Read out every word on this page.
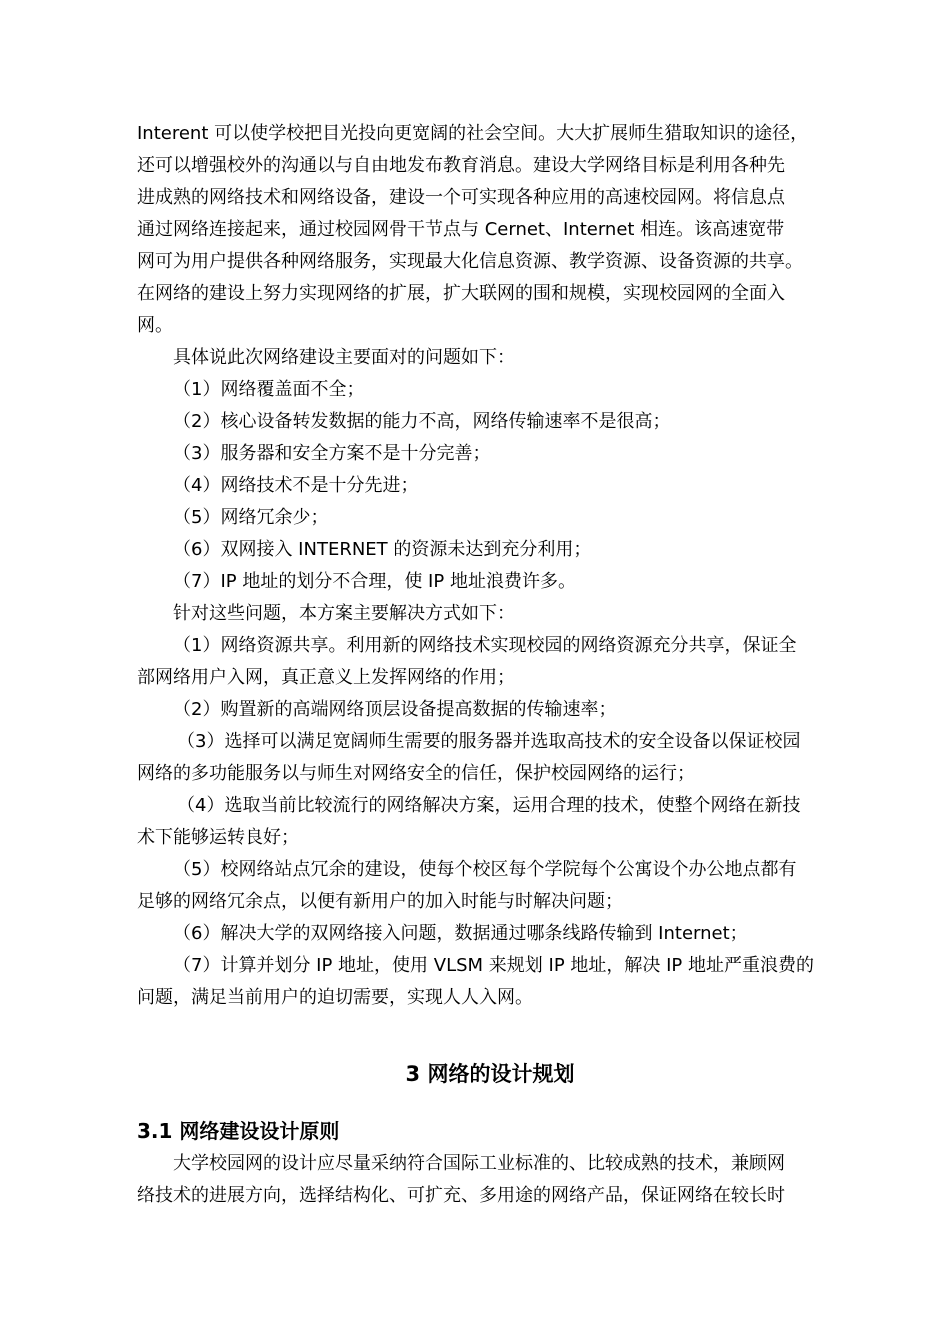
Interent 可以使学校把目光投向更宽阔的社会空间。大大扩展师生猎取知识的途径，
还可以增强校外的沟通以与自由地发布教育消息。建设大学网络目标是利用各种先
进成熟的网络技术和网络设备，建设一个可实现各种应用的高速校园网。将信息点
通过网络连接起来，通过校园网骨干节点与 Cernet、Internet 相连。该高速宽带
网可为用户提供各种网络服务，实现最大化信息资源、教学资源、设备资源的共享。
在网络的建设上努力实现网络的扩展，扩大联网的围和规模，实现校园网的全面入
网。
具体说此次网络建设主要面对的问题如下：
（1）网络覆盖面不全；
（2）核心设备转发数据的能力不高，网络传输速率不是很高；
（3）服务器和安全方案不是十分完善；
（4）网络技术不是十分先进；
（5）网络冗余少；
（6）双网接入 INTERNET 的资源未达到充分利用；
（7）IP 地址的划分不合理，使 IP 地址浪费许多。
针对这些问题，本方案主要解决方式如下：
（1）网络资源共享。利用新的网络技术实现校园的网络资源充分共享，保证全
部网络用户入网，真正意义上发挥网络的作用；
（2）购置新的高端网络顶层设备提高数据的传输速率；
（3）选择可以满足宽阔师生需要的服务器并选取高技术的安全设备以保证校园
网络的多功能服务以与师生对网络安全的信任，保护校园网络的运行；
（4）选取当前比较流行的网络解决方案，运用合理的技术，使整个网络在新技
术下能够运转良好；
（5）校网络站点冗余的建设，使每个校区每个学院每个公寓设个办公地点都有
足够的网络冗余点，以便有新用户的加入时能与时解决问题；
（6）解决大学的双网络接入问题，数据通过哪条线路传输到 Internet；
（7）计算并划分 IP 地址，使用 VLSM 来规划 IP 地址，解决 IP 地址严重浪费的
问题，满足当前用户的迫切需要，实现人人入网。
3 网络的设计规划
3.1 网络建设设计原则
大学校园网的设计应尽量采纳符合国际工业标准的、比较成熟的技术，兼顾网
络技术的进展方向，选择结构化、可扩充、多用途的网络产品，保证网络在较长时
